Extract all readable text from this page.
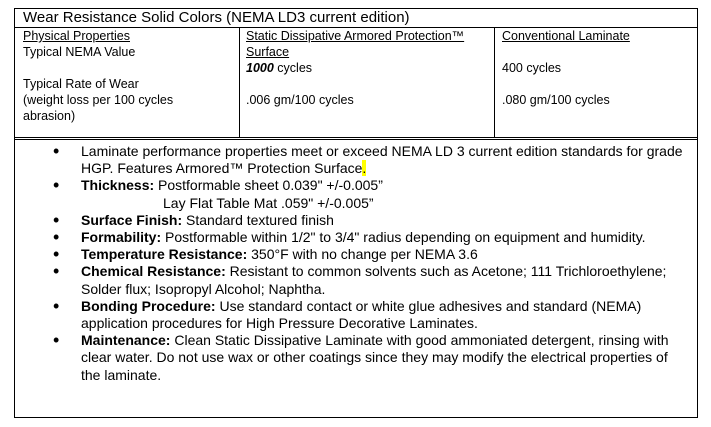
Wear Resistance Solid Colors (NEMA LD3 current edition)
Physical Properties
Typical NEMA Value
Typical Rate of Wear
(weight loss per 100 cycles
abrasion)
Static Dissipative Armored Protection™
Surface
1000 cycles
.006 gm/100 cycles
Conventional Laminate
400 cycles
.080 gm/100 cycles
• Laminate performance properties meet or exceed NEMA LD 3 current edition standards for grade HGP. Features Armored™ Protection Surface.
• Thickness: Postformable sheet 0.039" +/-0.005”
Lay Flat Table Mat .059" +/-0.005”
• Surface Finish: Standard textured finish
• Formability: Postformable within 1/2" to 3/4" radius depending on equipment and humidity.
• Temperature Resistance: 350°F with no change per NEMA 3.6
• Chemical Resistance: Resistant to common solvents such as Acetone; 111 Trichloroethylene; Solder flux; Isopropyl Alcohol; Naphtha.
• Bonding Procedure: Use standard contact or white glue adhesives and standard (NEMA) application procedures for High Pressure Decorative Laminates.
• Maintenance: Clean Static Dissipative Laminate with good ammoniated detergent, rinsing with clear water. Do not use wax or other coatings since they may modify the electrical properties of the laminate.
